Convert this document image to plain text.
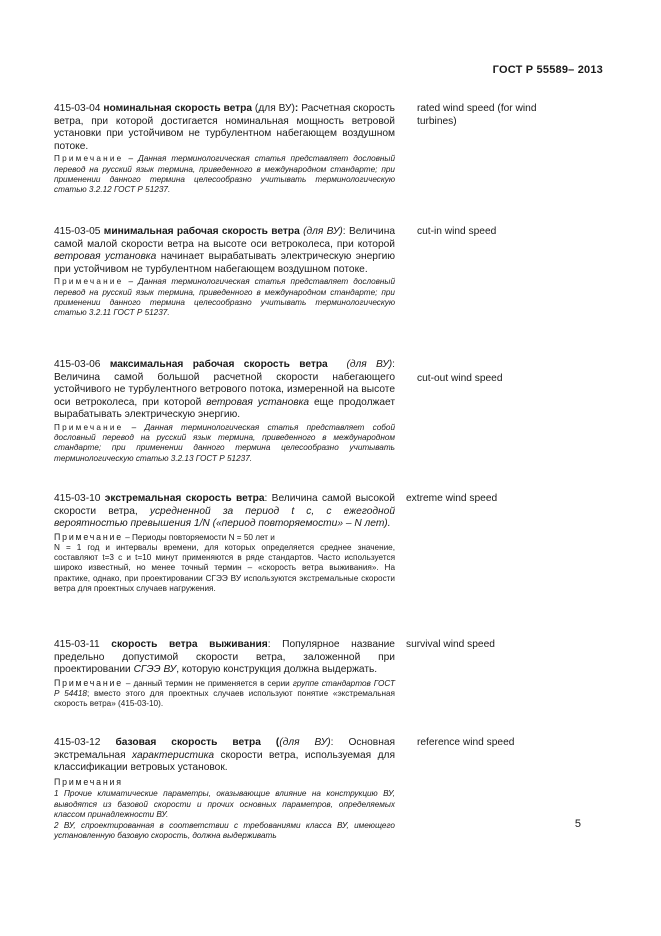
ГОСТ Р 55589– 2013
415-03-04 номинальная скорость ветра (для ВУ): Расчетная скорость ветра, при которой достигается номинальная мощность ветровой установки при устойчивом не турбулентном набегающем воздушном потоке.
Примечание – Данная терминологическая статья представляет дословный перевод на русский язык термина, приведенного в международном стандарте; при применении данного термина целесообразно учитывать терминологическую статью 3.2.12 ГОСТ Р 51237.
rated wind speed (for wind turbines)
415-03-05 минимальная рабочая скорость ветра (для ВУ): Величина самой малой скорости ветра на высоте оси ветроколеса, при которой ветровая установка начинает вырабатывать электрическую энергию при устойчивом не турбулентном набегающем воздушном потоке.
Примечание – Данная терминологическая статья представляет дословный перевод на русский язык термина, приведенного в международном стандарте; при применении данного термина целесообразно учитывать терминологическую статью 3.2.11 ГОСТ Р 51237.
cut-in wind speed
415-03-06 максимальная рабочая скорость ветра (для ВУ): Величина самой большой расчетной скорости набегающего устойчивого не турбулентного ветрового потока, измеренной на высоте оси ветроколеса, при которой ветровая установка еще продолжает вырабатывать электрическую энергию.
Примечание – Данная терминологическая статья представляет собой дословный перевод на русский язык термина, приведенного в международном стандарте; при применении данного термина целесообразно учитывать терминологическую статью 3.2.13 ГОСТ Р 51237.
cut-out wind speed
415-03-10 экстремальная скорость ветра: Величина самой высокой скорости ветра, усредненной за период t с, с ежегодной вероятностью превышения 1/N («период повторяемости» – N лет).
Примечание – Периоды повторяемости N = 50 лет и
N = 1 год и интервалы времени, для которых определяется среднее значение, составляют t=3 с и t=10 минут применяются в ряде стандартов. Часто используется широко известный, но менее точный термин – «скорость ветра выживания». На практике, однако, при проектировании СГЭЭ ВУ используются экстремальные скорости ветра для проектных случаев нагружения.
extreme wind speed
415-03-11 скорость ветра выживания: Популярное название предельно допустимой скорости ветра, заложенной при проектировании СГЭЭ ВУ, которую конструкция должна выдержать.
Примечание – данный термин не применяется в серии группе стандартов ГОСТ Р 54418; вместо этого для проектных случаев используют понятие «экстремальная скорость ветра» (415-03-10).
survival wind speed
415-03-12 базовая скорость ветра ((для ВУ): Основная экстремальная характеристика скорости ветра, используемая для классификации ветровых установок.
Примечания
1 Прочие климатические параметры, оказывающие влияние на конструкцию ВУ, выводятся из базовой скорости и прочих основных параметров, определяемых классом принадлежности ВУ.
2 ВУ, спроектированная в соответствии с требованиями класса ВУ, имеющего установленную базовую скорость, должна выдерживать
reference wind speed
5
